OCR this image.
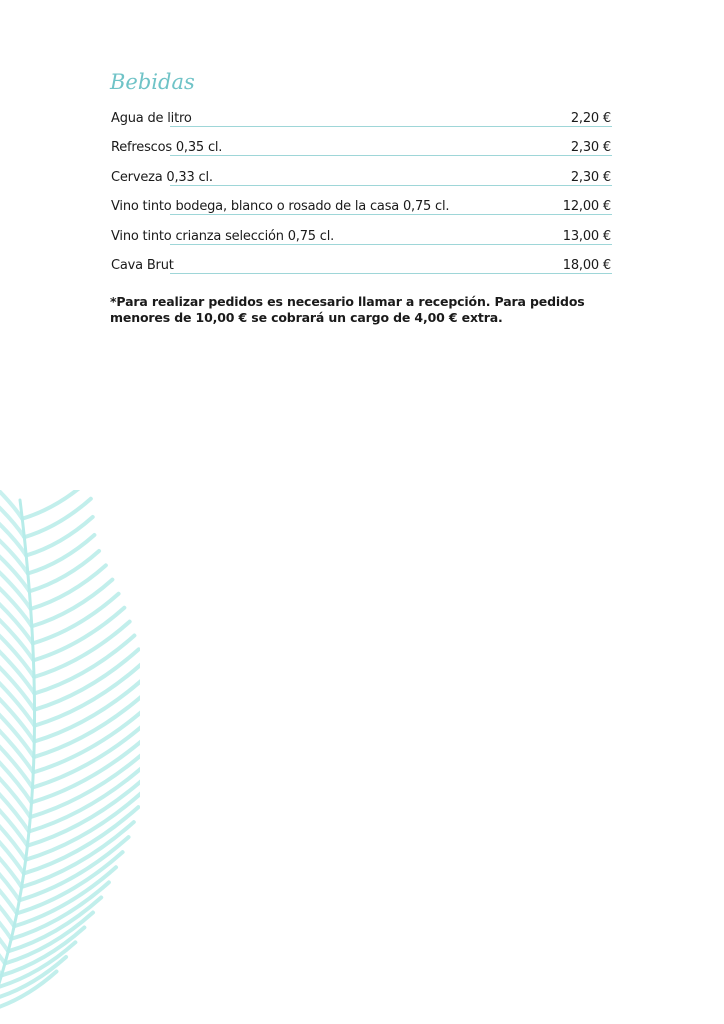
Bebidas
Agua de litro	2,20 €
Refrescos 0,35 cl.	2,30 €
Cerveza 0,33 cl.	2,30 €
Vino tinto bodega, blanco o rosado de la casa 0,75 cl.	12,00 €
Vino tinto crianza selección 0,75 cl.	13,00 €
Cava Brut	18,00 €

*Para realizar pedidos es necesario llamar a recepción. Para pedidos menores de 10,00 € se cobrará un cargo de 4,00 € extra.
